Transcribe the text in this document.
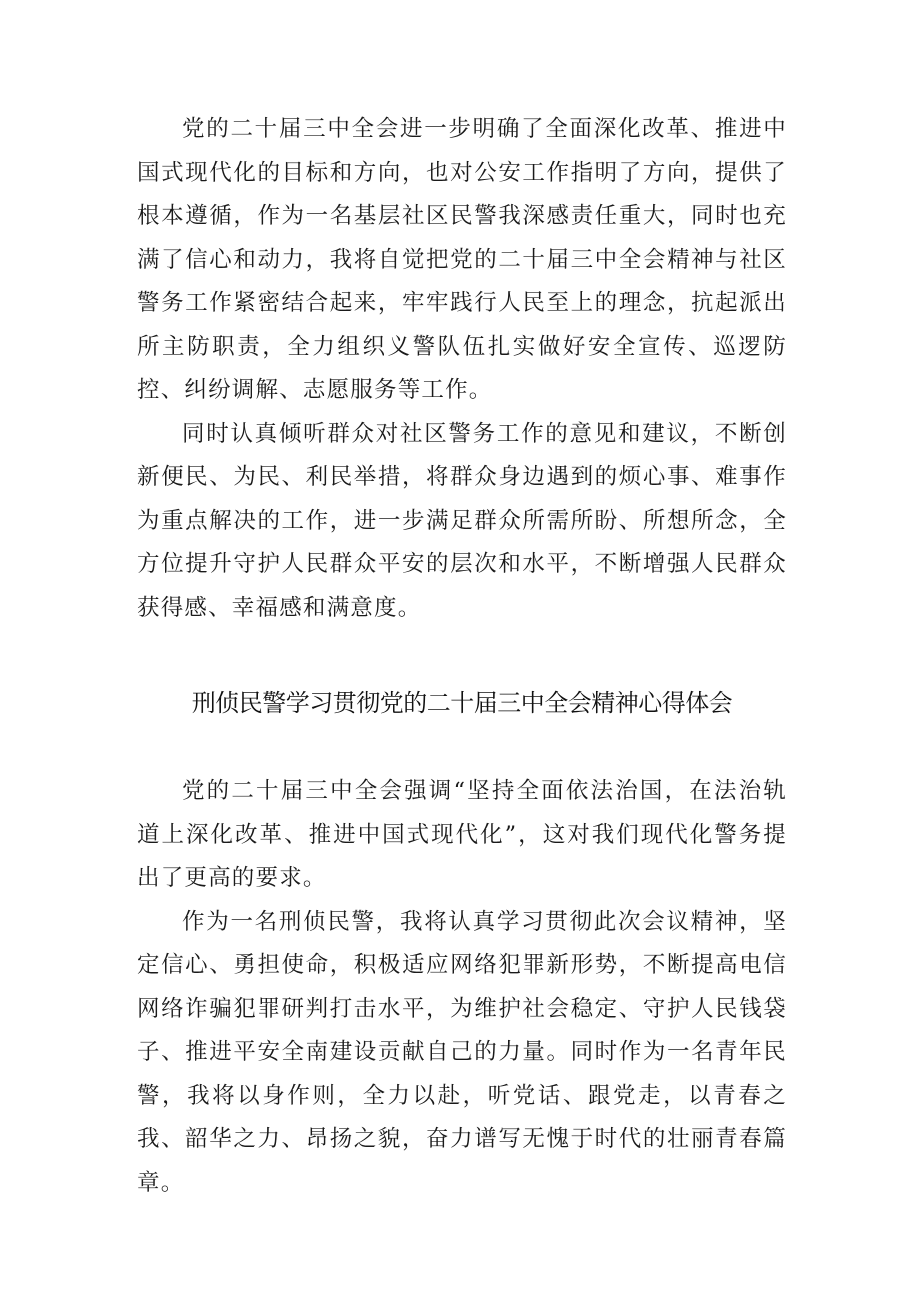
党的二十届三中全会进一步明确了全面深化改革、推进中国式现代化的目标和方向，也对公安工作指明了方向，提供了根本遵循，作为一名基层社区民警我深感责任重大，同时也充满了信心和动力，我将自觉把党的二十届三中全会精神与社区警务工作紧密结合起来，牢牢践行人民至上的理念，抗起派出所主防职责，全力组织义警队伍扎实做好安全宣传、巡逻防控、纠纷调解、志愿服务等工作。

同时认真倾听群众对社区警务工作的意见和建议，不断创新便民、为民、利民举措，将群众身边遇到的烦心事、难事作为重点解决的工作，进一步满足群众所需所盼、所想所念，全方位提升守护人民群众平安的层次和水平，不断增强人民群众获得感、幸福感和满意度。

刑侦民警学习贯彻党的二十届三中全会精神心得体会

党的二十届三中全会强调“坚持全面依法治国，在法治轨道上深化改革、推进中国式现代化”，这对我们现代化警务提出了更高的要求。

作为一名刑侦民警，我将认真学习贯彻此次会议精神，坚定信心、勇担使命，积极适应网络犯罪新形势，不断提高电信网络诈骗犯罪研判打击水平，为维护社会稳定、守护人民钱袋子、推进平安全南建设贡献自己的力量。同时作为一名青年民警，我将以身作则，全力以赴，听党话、跟党走，以青春之我、韶华之力、昂扬之貌，奋力谱写无愧于时代的壮丽青春篇章。
